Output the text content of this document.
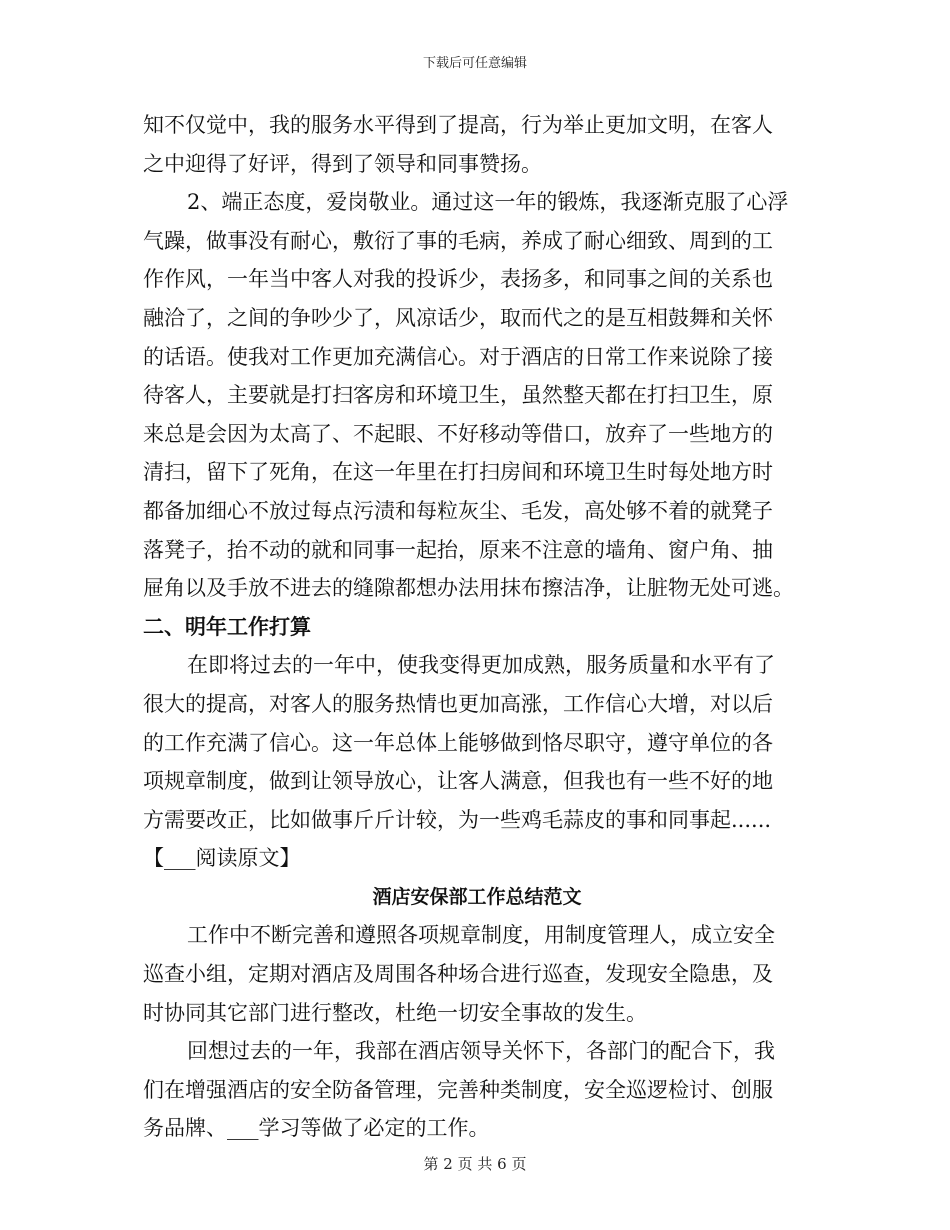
下载后可任意编辑
知不仅觉中，我的服务水平得到了提高，行为举止更加文明，在客人
之中迎得了好评，得到了领导和同事赞扬。
2、端正态度，爱岗敬业。通过这一年的锻炼，我逐渐克服了心浮
气躁，做事没有耐心，敷衍了事的毛病，养成了耐心细致、周到的工
作作风，一年当中客人对我的投诉少，表扬多，和同事之间的关系也
融洽了，之间的争吵少了，风凉话少，取而代之的是互相鼓舞和关怀
的话语。使我对工作更加充满信心。对于酒店的日常工作来说除了接
待客人，主要就是打扫客房和环境卫生，虽然整天都在打扫卫生，原
来总是会因为太高了、不起眼、不好移动等借口，放弃了一些地方的
清扫，留下了死角，在这一年里在打扫房间和环境卫生时每处地方时
都备加细心不放过每点污渍和每粒灰尘、毛发，高处够不着的就凳子
落凳子，抬不动的就和同事一起抬，原来不注意的墙角、窗户角、抽
屉角以及手放不进去的缝隙都想办法用抹布擦洁净，让脏物无处可逃。
二、明年工作打算
在即将过去的一年中，使我变得更加成熟，服务质量和水平有了
很大的提高，对客人的服务热情也更加高涨，工作信心大增，对以后
的工作充满了信心。这一年总体上能够做到恪尽职守，遵守单位的各
项规章制度，做到让领导放心，让客人满意，但我也有一些不好的地
方需要改正，比如做事斤斤计较，为一些鸡毛蒜皮的事和同事起......
【___阅读原文】
酒店安保部工作总结范文
工作中不断完善和遵照各项规章制度，用制度管理人，成立安全
巡查小组，定期对酒店及周围各种场合进行巡查，发现安全隐患，及
时协同其它部门进行整改，杜绝一切安全事故的发生。
回想过去的一年，我部在酒店领导关怀下，各部门的配合下，我
们在增强酒店的安全防备管理，完善种类制度，安全巡逻检讨、创服
务品牌、___学习等做了必定的工作。
第 2 页 共 6 页
